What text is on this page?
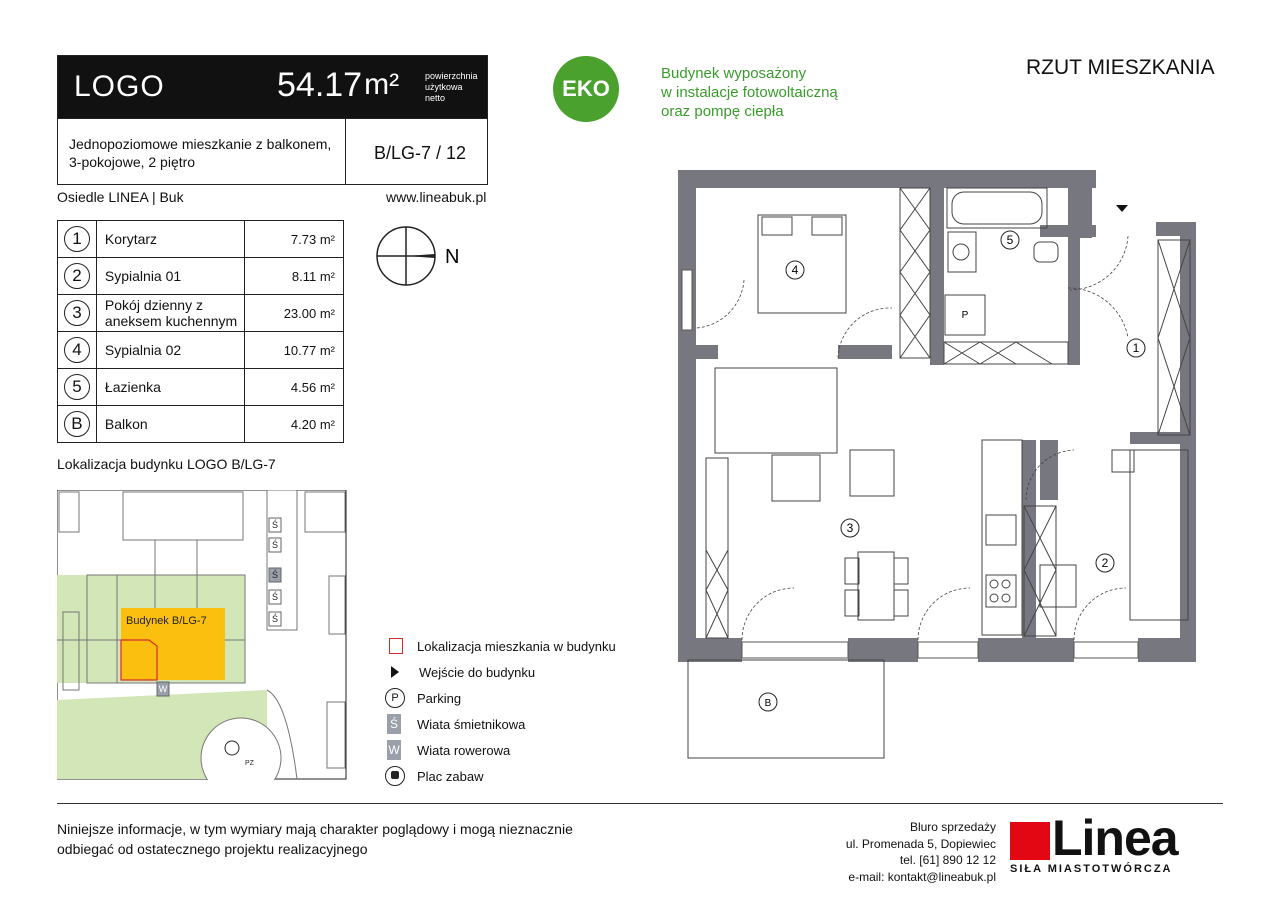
LOGO	54.17m²	powierzchnia
użytkowa
netto
Jednopoziomowe mieszkanie z balkonem,
3-pokojowe, 2 piętro	B/LG-7 / 12
Osiedle LINEA | Buk	www.lineabuk.pl
1	Korytarz	7.73 m²
2	Sypialnia 01	8.11 m²
3	Pokój dzienny z aneksem kuchennym	23.00 m²
4	Sypialnia 02	10.77 m²
5	Łazienka	4.56 m²
B	Balkon	4.20 m²
N
EKO
Budynek wyposażony
w instalacje fotowoltaiczną
oraz pompę ciepła
RZUT MIESZKANIA
4
5
1
3
2
B
P
Lokalizacja budynku LOGO B/LG-7
Budynek B/LG-7
Ś
Ś
Ś
Ś
Ś
W
PZ
Lokalizacja mieszkania w budynku
Wejście do budynku
P	Parking
Ś Wiata śmietnikowa
W Wiata rowerowa
Plac zabaw
Niniejsze informacje, w tym wymiary mają charakter poglądowy i mogą nieznacznie
odbiegać od ostatecznego projektu realizacyjnego
Bluro sprzedaży
ul. Promenada 5, Dopiewiec
tel. [61] 890 12 12
e-mail: kontakt@lineabuk.pl
Linea
SIŁA MIASTOTWÓRCZA
